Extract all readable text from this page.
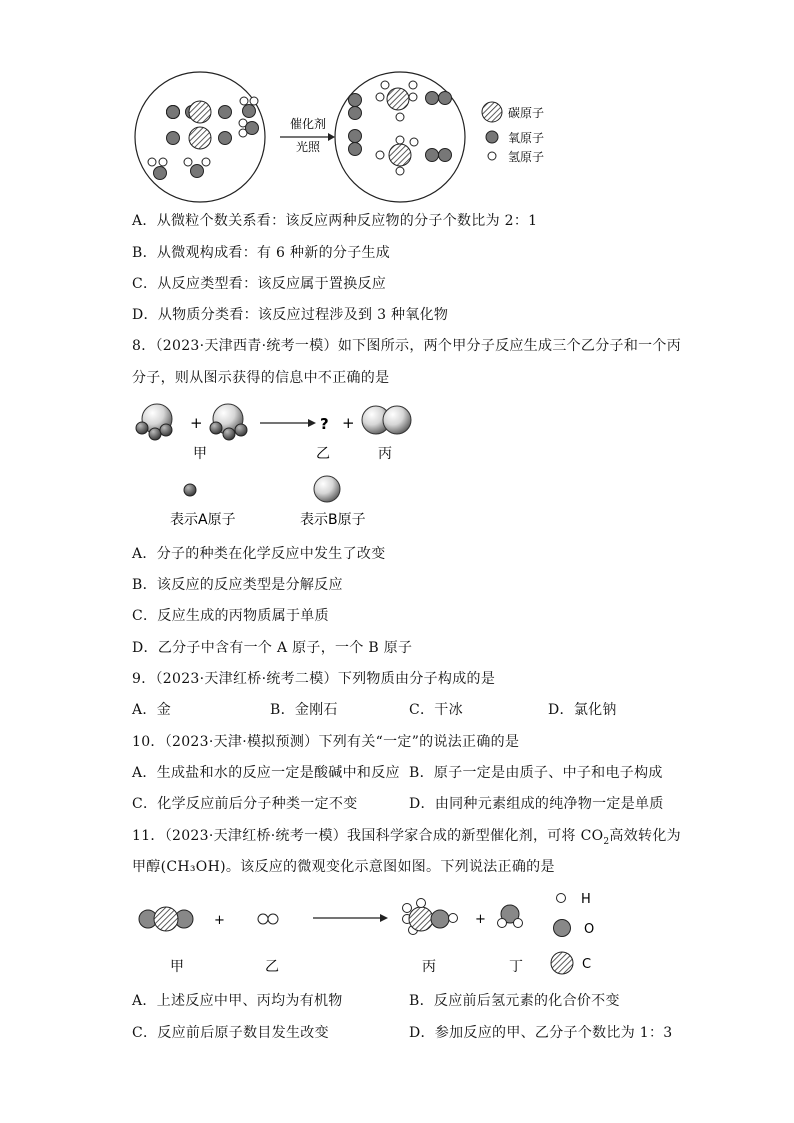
催化剂
光照
碳原子
氧原子
氢原子
A．从微粒个数关系看：该反应两种反应物的分子个数比为 2：1
B．从微观构成看：有 6 种新的分子生成
C．从反应类型看：该反应属于置换反应
D．从物质分类看：该反应过程涉及到 3 种氧化物
8．（2023·天津西青·统考一模）如下图所示，两个甲分子反应生成三个乙分子和一个丙
分子，则从图示获得的信息中不正确的是
+	? +
甲	乙	丙
表示A原子	表示B原子
A．分子的种类在化学反应中发生了改变
B．该反应的反应类型是分解反应
C．反应生成的丙物质属于单质
D．乙分子中含有一个 A 原子，一个 B 原子
9．（2023·天津红桥·统考二模）下列物质由分子构成的是
A．金	B．金刚石	C．干冰	D．氯化钠
10．（2023·天津·模拟预测）下列有关“一定”的说法正确的是
A．生成盐和水的反应一定是酸碱中和反应 B．原子一定是由质子、中子和电子构成
C．化学反应前后分子种类一定不变	D．由同种元素组成的纯净物一定是单质
11．（2023·天津红桥·统考一模）我国科学家合成的新型催化剂，可将 $CO_2$高效转化为
甲醇(CH₃OH)。该反应的微观变化示意图如图。下列说法正确的是
+	+
H
O
C
甲	乙	丙	丁
A．上述反应中甲、丙均为有机物	B．反应前后氢元素的化合价不变
C．反应前后原子数目发生改变	D．参加反应的甲、乙分子个数比为 1：3
